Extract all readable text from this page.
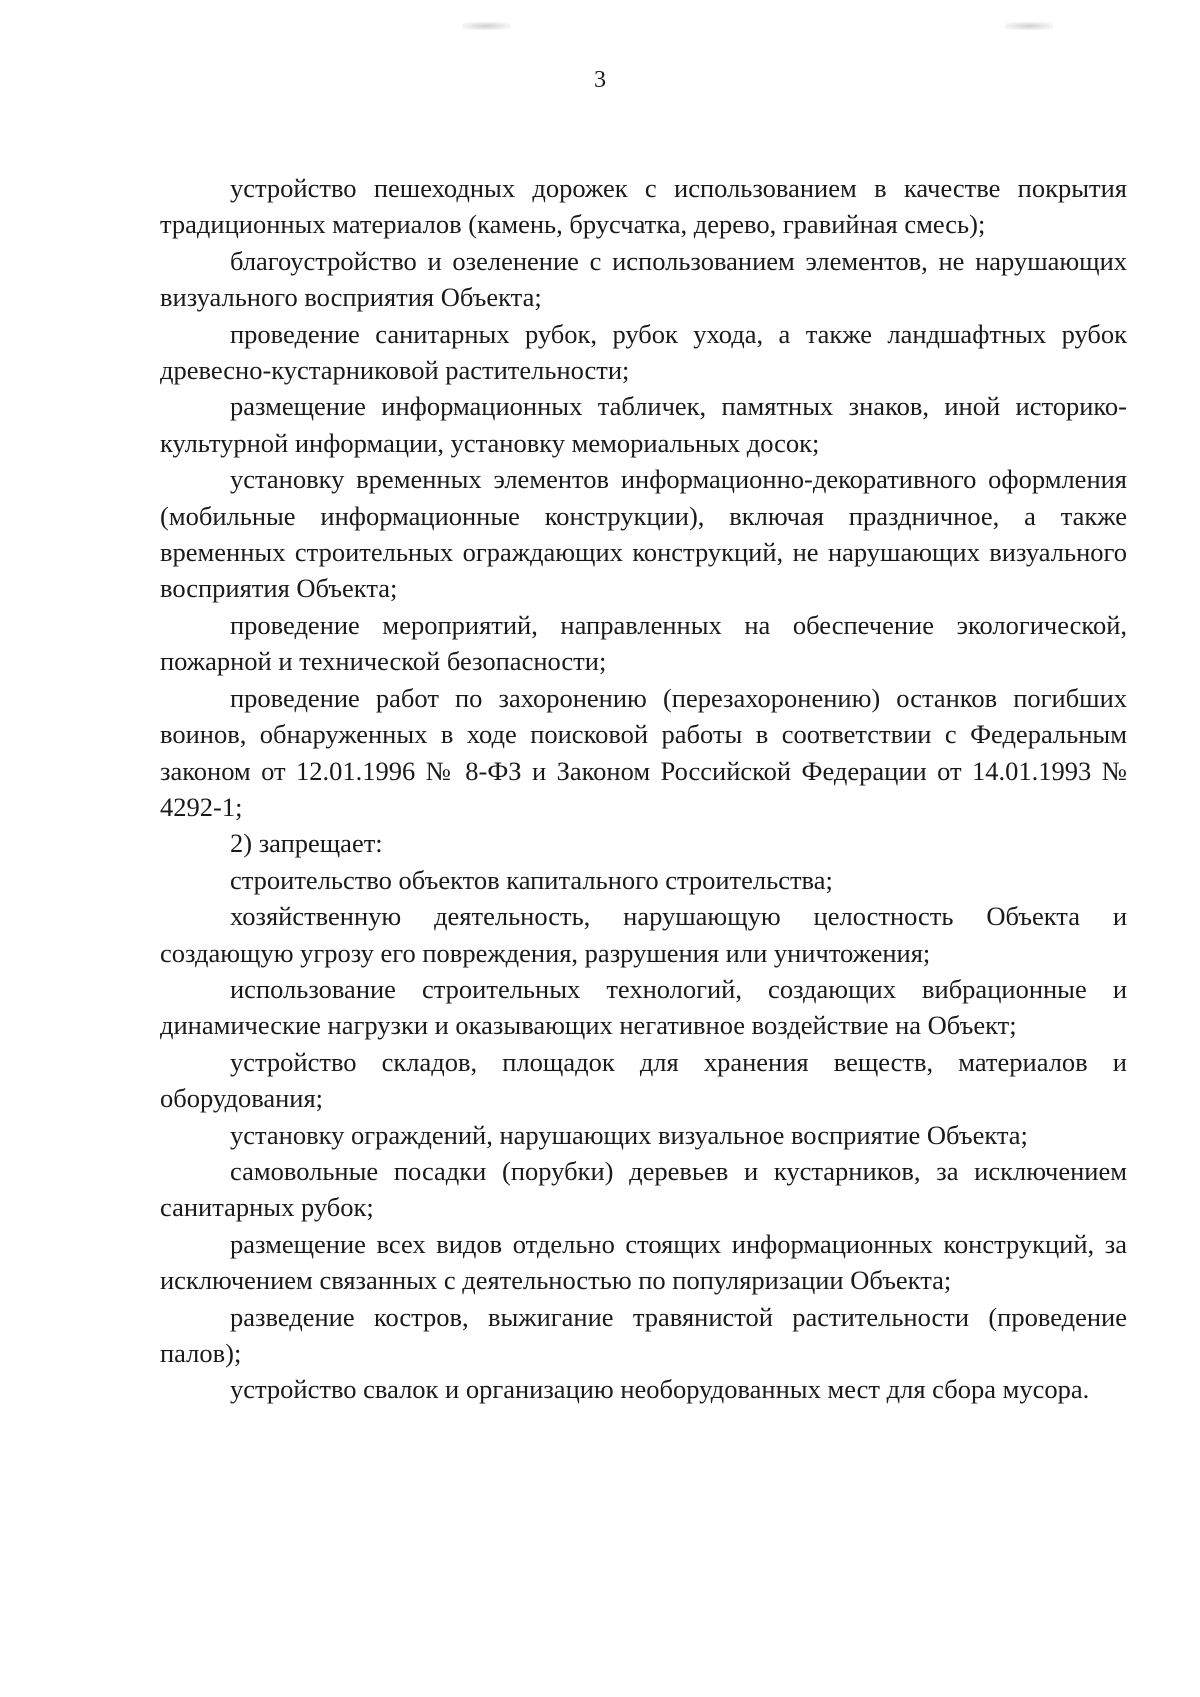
3

устройство пешеходных дорожек с использованием в качестве покрытия традиционных материалов (камень, брусчатка, дерево, гравийная смесь);

благоустройство и озеленение с использованием элементов, не нарушающих визуального восприятия Объекта;

проведение санитарных рубок, рубок ухода, а также ландшафтных рубок древесно-кустарниковой растительности;

размещение информационных табличек, памятных знаков, иной историко-культурной информации, установку мемориальных досок;

установку временных элементов информационно-декоративного оформления (мобильные информационные конструкции), включая праздничное, а также временных строительных ограждающих конструкций, не нарушающих визуального восприятия Объекта;

проведение мероприятий, направленных на обеспечение экологической, пожарной и технической безопасности;

проведение работ по захоронению (перезахоронению) останков погибших воинов, обнаруженных в ходе поисковой работы в соответствии с Федеральным законом от 12.01.1996 № 8-ФЗ и Законом Российской Федерации от 14.01.1993 № 4292-1;

2) запрещает:

строительство объектов капитального строительства;

хозяйственную деятельность, нарушающую целостность Объекта и создающую угрозу его повреждения, разрушения или уничтожения;

использование строительных технологий, создающих вибрационные и динамические нагрузки и оказывающих негативное воздействие на Объект;

устройство складов, площадок для хранения веществ, материалов и оборудования;

установку ограждений, нарушающих визуальное восприятие Объекта;

самовольные посадки (порубки) деревьев и кустарников, за исключением санитарных рубок;

размещение всех видов отдельно стоящих информационных конструкций, за исключением связанных с деятельностью по популяризации Объекта;

разведение костров, выжигание травянистой растительности (проведение палов);

устройство свалок и организацию необорудованных мест для сбора мусора.
